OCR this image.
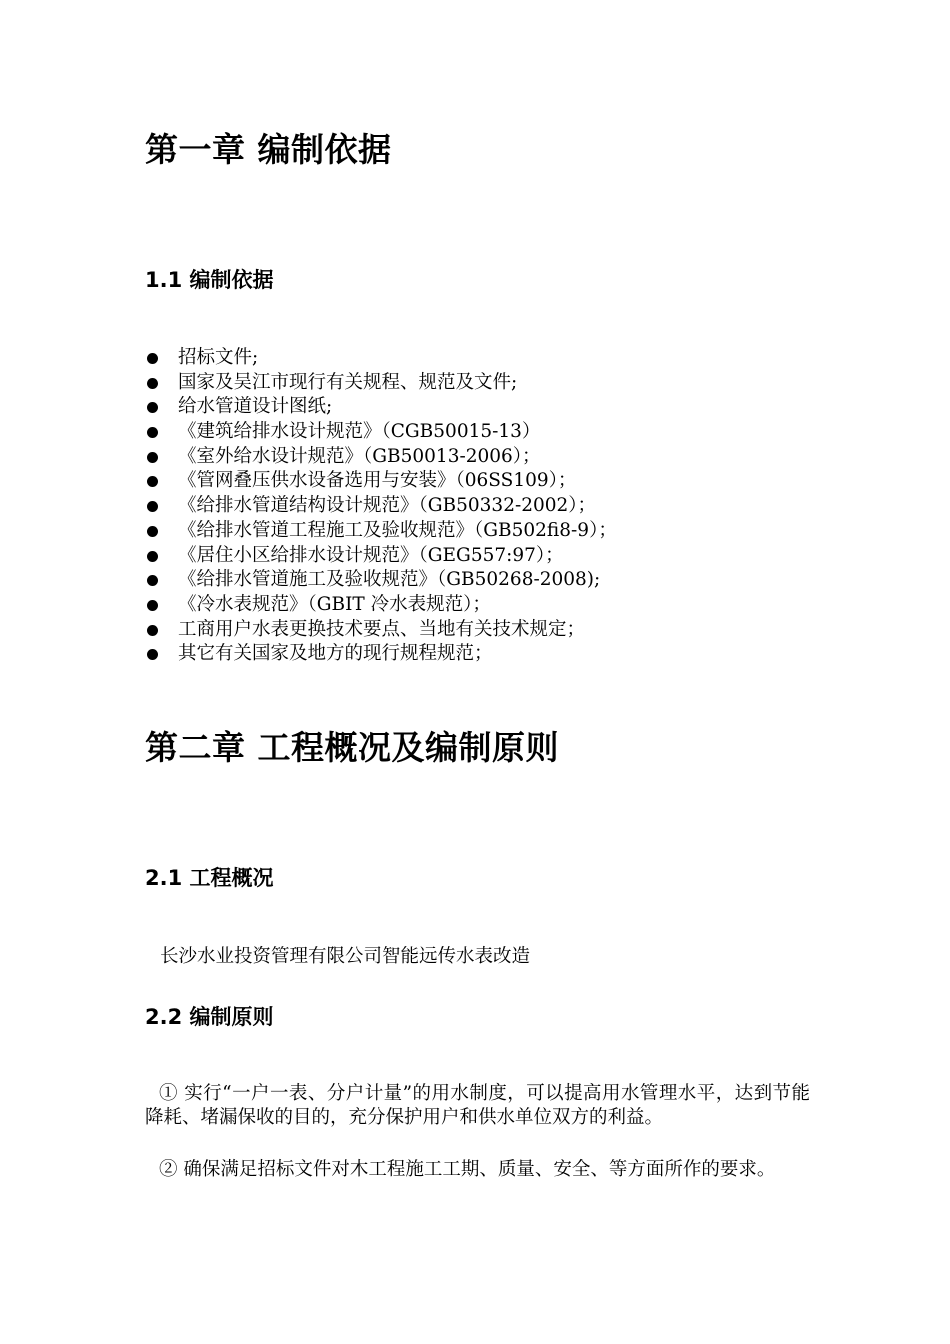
第一章 编制依据
1.1 编制依据
招标文件;
国家及吴江市现行有关规程、规范及文件;
给水管道设计图纸;
《建筑给排水设计规范》（CGB50015-13）
《室外给水设计规范》（GB50013-2006）；
《管网叠压供水设备选用与安装》（06SS109）；
《给排水管道结构设计规范》（GB50332-2002）；
《给排水管道工程施工及验收规范》（GB502fi8-9）；
《居住小区给排水设计规范》（GEG557:97）；
《给排水管道施工及验收规范》（GB50268-2008);
《冷水表规范》（GBIT 冷水表规范）；
工商用户水表更换技术要点、当地有关技术规定；
其它有关国家及地方的现行规程规范；
第二章 工程概况及编制原则
2.1 工程概况

长沙水业投资管理有限公司智能远传水表改造

2.2 编制原则

① 实行“一户一表、分户计量”的用水制度，可以提高用水管理水平，达到节能降耗、堵漏保收的目的，充分保护用户和供水单位双方的利益。

② 确保满足招标文件对木工程施工工期、质量、安全、等方面所作的要求。
